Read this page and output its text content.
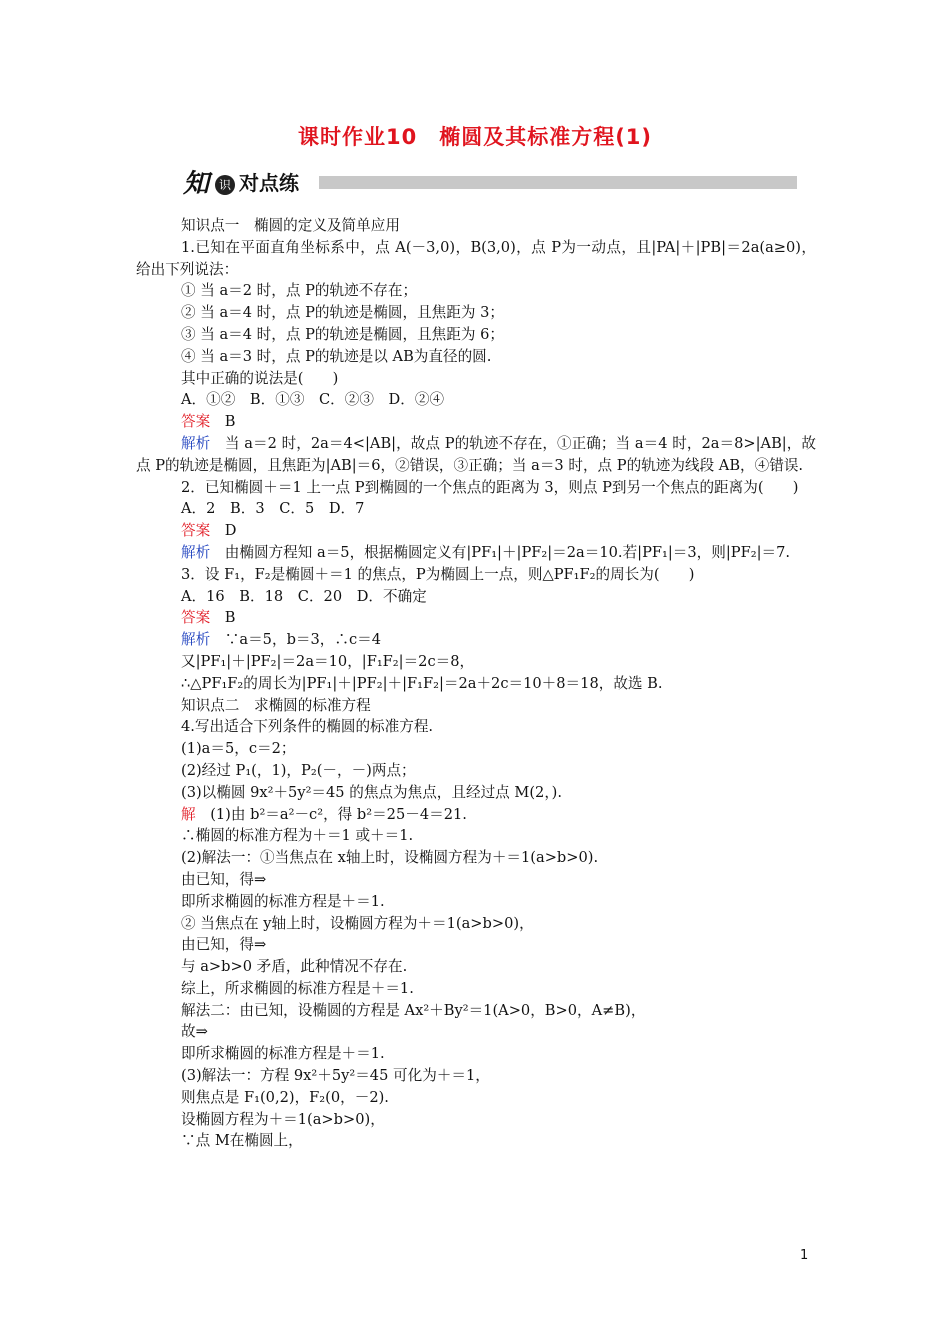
课时作业10　椭圆及其标准方程(1)
知 识 对点练
知识点一　椭圆的定义及简单应用
1.已知在平面直角坐标系中，点 A(－3,0)，B(3,0)，点 P为一动点，且|PA|＋|PB|＝2a(a≥0)，给出下列说法：
① 当 a＝2 时，点 P的轨迹不存在；
② 当 a＝4 时，点 P的轨迹是椭圆，且焦距为 3；
③ 当 a＝4 时，点 P的轨迹是椭圆，且焦距为 6；
④ 当 a＝3 时，点 P的轨迹是以 AB为直径的圆.
其中正确的说法是(　　)
A．①②　B．①③　C．②③　D．②④
答案　B
解析　当 a＝2 时，2a＝4<|AB|，故点 P的轨迹不存在，①正确；当 a＝4 时，2a＝8>|AB|，故点 P的轨迹是椭圆，且焦距为|AB|＝6，②错误，③正确；当 a＝3 时，点 P的轨迹为线段 AB，④错误.
2．已知椭圆＋＝1 上一点 P到椭圆的一个焦点的距离为 3，则点 P到另一个焦点的距离为(　　)
A．2　B．3　C．5　D．7
答案　D
解析　由椭圆方程知 a＝5，根据椭圆定义有|PF₁|＋|PF₂|＝2a＝10.若|PF₁|＝3，则|PF₂|＝7.
3．设 F₁，F₂是椭圆＋＝1 的焦点，P为椭圆上一点，则△PF₁F₂的周长为(　　)
A．16　B．18　C．20　D．不确定
答案　B
解析　∵a＝5，b＝3，∴c＝4
又|PF₁|＋|PF₂|＝2a＝10，|F₁F₂|＝2c＝8，
∴△PF₁F₂的周长为|PF₁|＋|PF₂|＋|F₁F₂|＝2a＋2c＝10＋8＝18，故选 B.
知识点二　求椭圆的标准方程
4.写出适合下列条件的椭圆的标准方程.
(1)a＝5，c＝2；
(2)经过 P₁(，1)，P₂(－，－)两点；
(3)以椭圆 9x²＋5y²＝45 的焦点为焦点，且经过点 M(2，).
解　(1)由 b²＝a²－c²，得 b²＝25－4＝21.
∴椭圆的标准方程为＋＝1 或＋＝1.
(2)解法一：①当焦点在 x轴上时，设椭圆方程为＋＝1(a>b>0).
由已知，得⇒
即所求椭圆的标准方程是＋＝1.
② 当焦点在 y轴上时，设椭圆方程为＋＝1(a>b>0)，
由已知，得⇒
与 a>b>0 矛盾，此种情况不存在.
综上，所求椭圆的标准方程是＋＝1.
解法二：由已知，设椭圆的方程是 Ax²＋By²＝1(A>0，B>0，A≠B)，
故⇒
即所求椭圆的标准方程是＋＝1.
(3)解法一：方程 9x²＋5y²＝45 可化为＋＝1，
则焦点是 F₁(0,2)，F₂(0，－2).
设椭圆方程为＋＝1(a>b>0)，
∵点 M在椭圆上，
1
